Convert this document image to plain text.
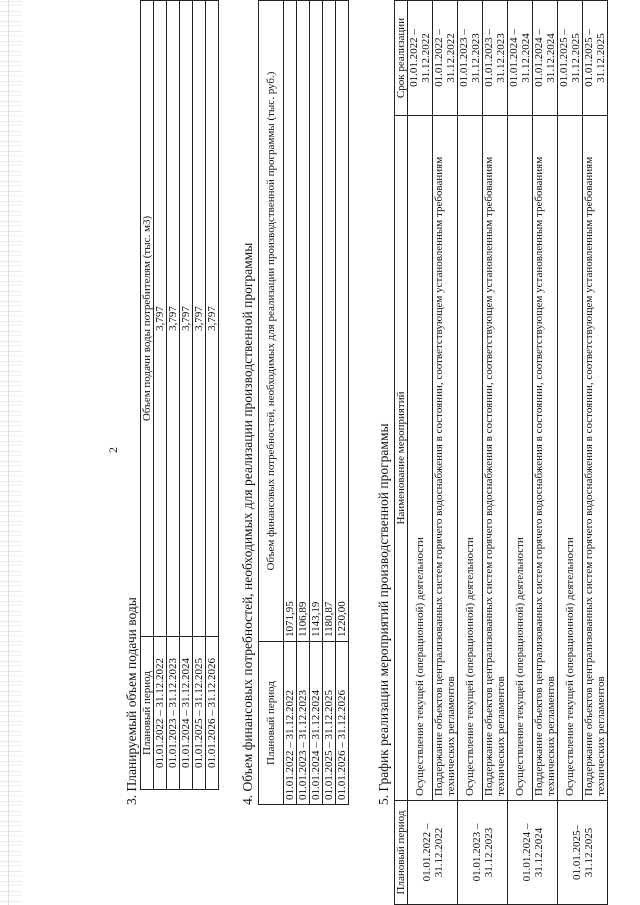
2
3. Планируемый объем подачи воды Плановый период	Объем подачи воды потребителям (тыс. м3)
01.01.2022 – 31.12.2022	3,797
01.01.2023 – 31.12.2023	3,797
01.01.2024 – 31.12.2024	3,797
01.01.2025 – 31.12.2025	3,797
01.01.2026 – 31.12.2026	3,797 4. Объем финансовых потребностей, необходимых для реализации производственной программы Плановый период	Объем финансовых потребностей, необходимых для реализации производственной программы (тыс. руб.)
01.01.2022 – 31.12.2022	1071,95
01.01.2023 – 31.12.2023	1106,89
01.01.2024 – 31.12.2024	1143,19
01.01.2025 – 31.12.2025	1180,87
01.01.2026 – 31.12.2026	1220,00 5. График реализации мероприятий производственной программы
Плановый период	Наименование мероприятий	Срок реализации
01.01.2022 – 31.12.2022	Осуществление текущей (операционной) деятельности	01.01.2022 – 31.12.2022
	Поддержание объектов централизованных систем горячего водоснабжения в состоянии, соответствующем установленным требованиям технических регламентов	01.01.2022 – 31.12.2022
01.01.2023 – 31.12.2023	Осуществление текущей (операционной) деятельности	01.01.2023 – 31.12.2023
	Поддержание объектов централизованных систем горячего водоснабжения в состоянии, соответствующем установленным требованиям технических регламентов	01.01.2023 – 31.12.2023
01.01.2024 – 31.12.2024	Осуществление текущей (операционной) деятельности	01.01.2024 – 31.12.2024
	Поддержание объектов централизованных систем горячего водоснабжения в состоянии, соответствующем установленным требованиям технических регламентов	01.01.2024 – 31.12.2024
01.01.2025– 31.12.2025	Осуществление текущей (операционной) деятельности	01.01.2025 – 31.12.2025
	Поддержание объектов централизованных систем горячего водоснабжения в состоянии, соответствующем установленным требованиям технических регламентов	01.01.2025 – 31.12.2025
